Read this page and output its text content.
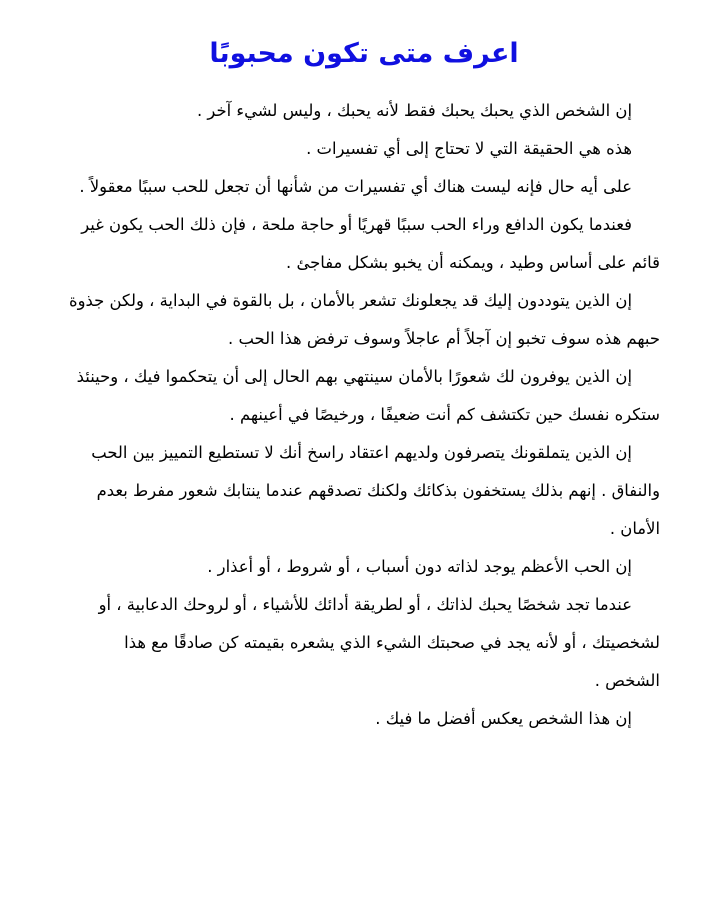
اعرف متى تكون محبوبًا

إن الشخص الذي يحبك يحبك فقط لأنه يحبك ، وليس لشيء آخر .

هذه هي الحقيقة التي لا تحتاج إلى أي تفسيرات .

على أيه حال فإنه ليست هناك أي تفسيرات من شأنها أن تجعل للحب سببًا معقولاً .

فعندما يكون الدافع وراء الحب سببًا قهريًا أو حاجة ملحة ، فإن ذلك الحب يكون غير قائم على أساس وطيد ، ويمكنه أن يخبو بشكل مفاجئ .

إن الذين يتوددون إليك قد يجعلونك تشعر بالأمان ، بل بالقوة في البداية ، ولكن جذوة حبهم هذه سوف تخبو إن آجلاً أم عاجلاً وسوف ترفض هذا الحب .

إن الذين يوفرون لك شعورًا بالأمان سينتهي بهم الحال إلى أن يتحكموا فيك ، وحينئذ ستكره نفسك حين تكتشف كم أنت ضعيفًا ، ورخيصًا في أعينهم .

إن الذين يتملقونك يتصرفون ولديهم اعتقاد راسخ أنك لا تستطيع التمييز بين الحب والنفاق . إنهم بذلك يستخفون بذكائك ولكنك تصدقهم عندما ينتابك شعور مفرط بعدم الأمان .

إن الحب الأعظم يوجد لذاته دون أسباب ، أو شروط ، أو أعذار .

عندما تجد شخصًا يحبك لذاتك ، أو لطريقة أدائك للأشياء ، أو لروحك الدعابية ، أو لشخصيتك ، أو لأنه يجد في صحبتك الشيء الذي يشعره بقيمته كن صادقًا مع هذا الشخص .

إن هذا الشخص يعكس أفضل ما فيك .
